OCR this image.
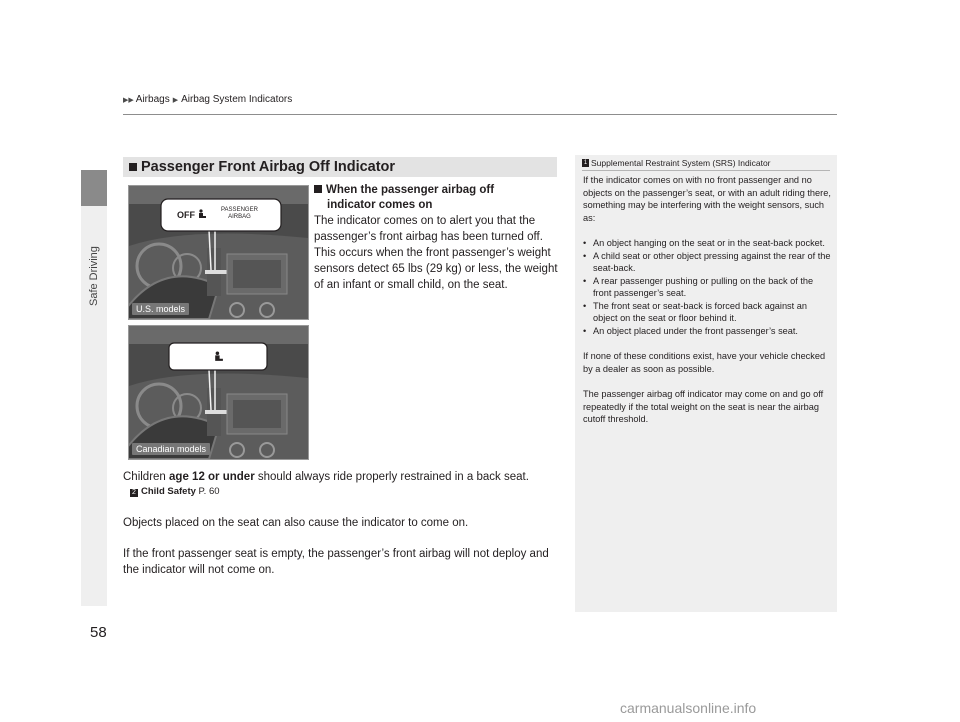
Safe Driving
▶▶ Airbags ▶ Airbag System Indicators
Passenger Front Airbag Off Indicator
OFF	PASSENGER
AIRBAG
U.S. models
Canadian models
When the passenger airbag off
indicator comes on
The indicator comes on to alert you that the passenger’s front airbag has been turned off. This occurs when the front passenger’s weight sensors detect 65 lbs (29 kg) or less, the weight of an infant or small child, on the seat.
Children age 12 or under should always ride properly restrained in a back seat.
2 Child Safety P. 60
Objects placed on the seat can also cause the indicator to come on.
If the front passenger seat is empty, the passenger’s front airbag will not deploy and the indicator will not come on.
1 Supplemental Restraint System (SRS) Indicator

If the indicator comes on with no front passenger and no objects on the passenger’s seat, or with an adult riding there, something may be interfering with the weight sensors, such as:

• An object hanging on the seat or in the seat-back pocket.
• A child seat or other object pressing against the rear of the seat-back.
• A rear passenger pushing or pulling on the back of the front passenger’s seat.
• The front seat or seat-back is forced back against an object on the seat or floor behind it.
• An object placed under the front passenger’s seat.

If none of these conditions exist, have your vehicle checked by a dealer as soon as possible.

The passenger airbag off indicator may come on and go off repeatedly if the total weight on the seat is near the airbag cutoff threshold.

58
carmanualsonline.info
